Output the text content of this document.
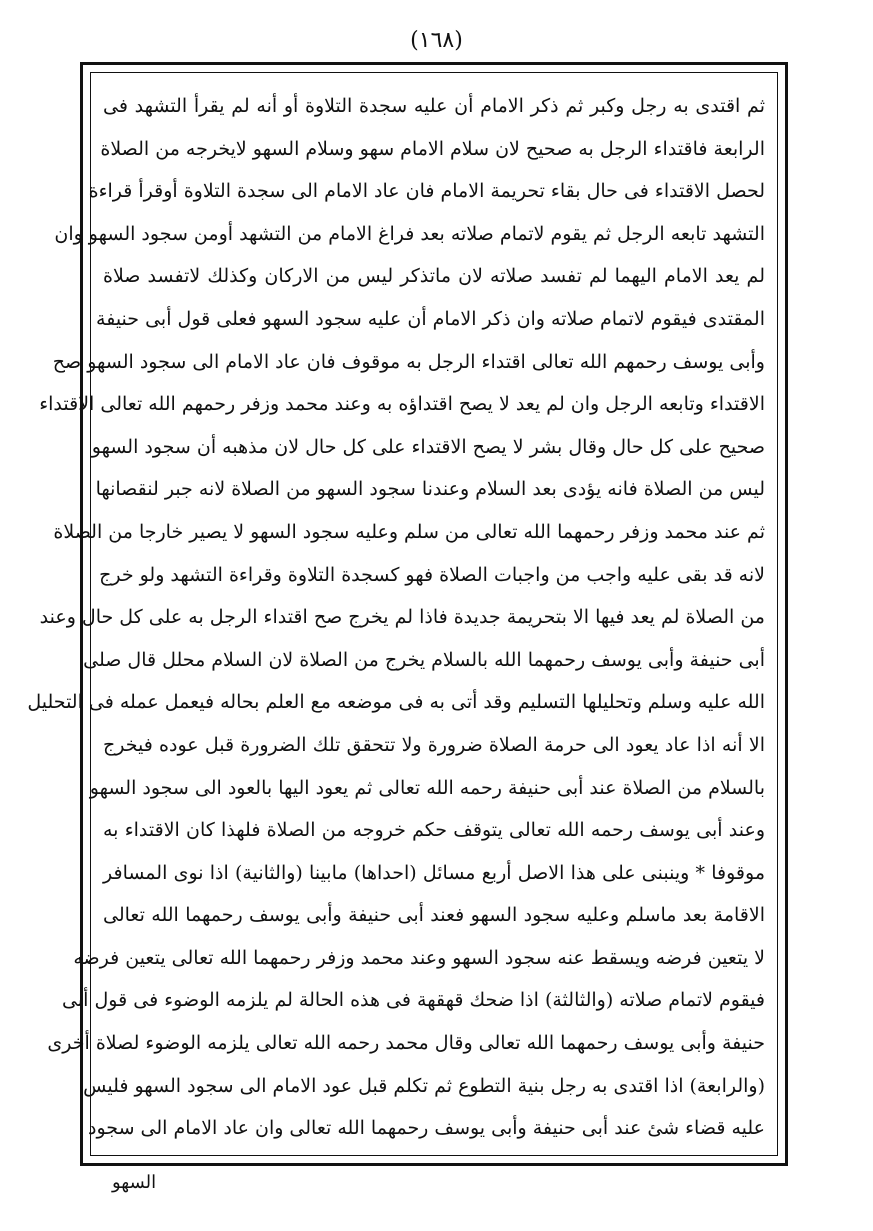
(١٦٨)
ثم اقتدى به رجل وكبر ثم ذكر الامام أن عليه سجدة التلاوة أو أنه لم يقرأ التشهد فى
الرابعة فاقتداء الرجل به صحيح لان سلام الامام سهو وسلام السهو لايخرجه من الصلاة
لحصل الاقتداء فى حال بقاء تحريمة الامام فان عاد الامام الى سجدة التلاوة أوقرأ قراءة
التشهد تابعه الرجل ثم يقوم لاتمام صلاته بعد فراغ الامام من التشهد أومن سجود السهو وان
لم يعد الامام اليهما لم تفسد صلاته لان ماتذكر ليس من الاركان وكذلك لاتفسد صلاة
المقتدى فيقوم لاتمام صلاته وان ذكر الامام أن عليه سجود السهو فعلى قول أبى حنيفة
وأبى يوسف رحمهم الله تعالى اقتداء الرجل به موقوف فان عاد الامام الى سجود السهو صح
الاقتداء وتابعه الرجل وان لم يعد لا يصح اقتداؤه به وعند محمد وزفر رحمهم الله تعالى الاقتداء
صحيح على كل حال وقال بشر لا يصح الاقتداء على كل حال لان مذهبه أن سجود السهو
ليس من الصلاة فانه يؤدى بعد السلام وعندنا سجود السهو من الصلاة لانه جبر لنقصانها
ثم عند محمد وزفر رحمهما الله تعالى من سلم وعليه سجود السهو لا يصير خارجا من الصلاة
لانه قد بقى عليه واجب من واجبات الصلاة فهو كسجدة التلاوة وقراءة التشهد ولو خرج
من الصلاة لم يعد فيها الا بتحريمة جديدة فاذا لم يخرج صح اقتداء الرجل به على كل حال وعند
أبى حنيفة وأبى يوسف رحمهما الله بالسلام يخرج من الصلاة لان السلام محلل قال صلى
الله عليه وسلم وتحليلها التسليم وقد أتى به فى موضعه مع العلم بحاله فيعمل عمله فى التحليل
الا أنه اذا عاد يعود الى حرمة الصلاة ضرورة ولا تتحقق تلك الضرورة قبل عوده فيخرج
بالسلام من الصلاة عند أبى حنيفة رحمه الله تعالى ثم يعود اليها بالعود الى سجود السهو
وعند أبى يوسف رحمه الله تعالى يتوقف حكم خروجه من الصلاة فلهذا كان الاقتداء به
موقوفا * وينبنى على هذا الاصل أربع مسائل (احداها) مابينا (والثانية) اذا نوى المسافر
الاقامة بعد ماسلم وعليه سجود السهو فعند أبى حنيفة وأبى يوسف رحمهما الله تعالى
لا يتعين فرضه ويسقط عنه سجود السهو وعند محمد وزفر رحمهما الله تعالى يتعين فرضه
فيقوم لاتمام صلاته (والثالثة) اذا ضحك قهقهة فى هذه الحالة لم يلزمه الوضوء فى قول أبى
حنيفة وأبى يوسف رحمهما الله تعالى وقال محمد رحمه الله تعالى يلزمه الوضوء لصلاة أخرى
(والرابعة) اذا اقتدى به رجل بنية التطوع ثم تكلم قبل عود الامام الى سجود السهو فليس
عليه قضاء شئ عند أبى حنيفة وأبى يوسف رحمهما الله تعالى وان عاد الامام الى سجود
السهو
